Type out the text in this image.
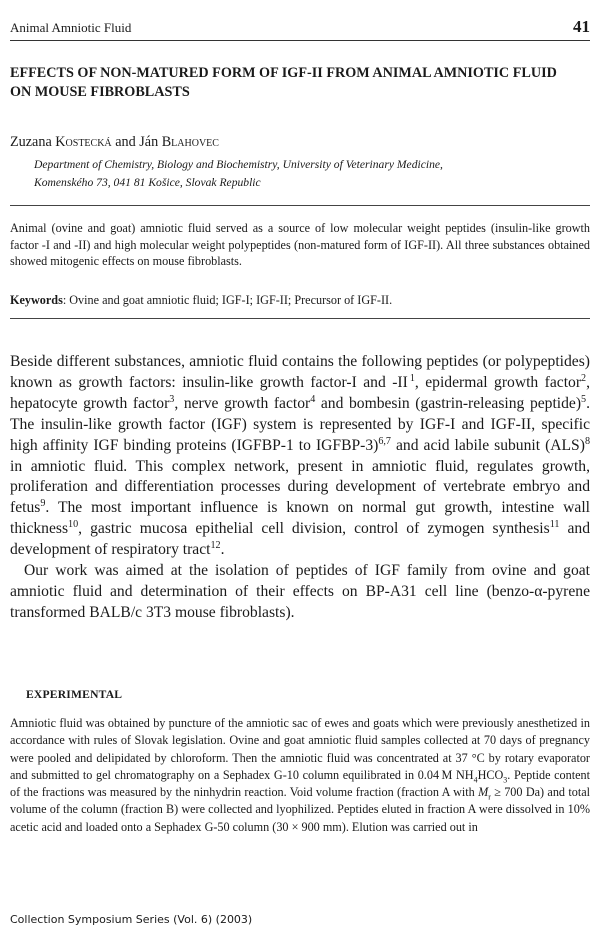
Animal Amniotic Fluid	41
EFFECTS OF NON-MATURED FORM OF IGF-II FROM ANIMAL AMNIOTIC FLUID ON MOUSE FIBROBLASTS
Zuzana Kostecká and Ján Blahovec

Department of Chemistry, Biology and Biochemistry, University of Veterinary Medicine,
Komenského 73, 041 81 Košice, Slovak Republic

Animal (ovine and goat) amniotic fluid served as a source of low molecular weight peptides (insulin-like growth factor -I and -II) and high molecular weight polypeptides (non-matured form of IGF-II). All three substances obtained showed mitogenic effects on mouse fibroblasts.

Keywords: Ovine and goat amniotic fluid; IGF-I; IGF-II; Precursor of IGF-II.

Beside different substances, amniotic fluid contains the following peptides (or polypeptides) known as growth factors: insulin-like growth factor-I and -II  $^1$, epidermal growth factor$^2$, hepatocyte growth factor$^3$, nerve growth factor$^4$ and bombesin (gastrin-releasing peptide)$^5$. The insulin-like growth factor (IGF) system is represented by IGF-I and IGF-II, specific high affinity IGF binding proteins (IGFBP-1 to IGFBP-3)$^{6,7}$ and acid labile subunit (ALS)$^8$ in amniotic fluid. This complex network, present in amniotic fluid, regulates growth, proliferation and differentiation processes during development of vertebrate embryo and fetus$^9$. The most important influence is known on normal gut growth, intestine wall thickness$^{10}$, gastric mucosa epithelial cell division, control of zymogen synthesis$^{11}$ and development of respiratory tract$^{12}$.

Our work was aimed at the isolation of peptides of IGF family from ovine and goat amniotic fluid and determination of their effects on BP-A31 cell line (benzo-α-pyrene transformed BALB/c 3T3 mouse fibroblasts).

EXPERIMENTAL

Amniotic fluid was obtained by puncture of the amniotic sac of ewes and goats which were previously anesthetized in accordance with rules of Slovak legislation. Ovine and goat amniotic fluid samples collected at 70 days of pregnancy were pooled and delipidated by chloroform. Then the amniotic fluid was concentrated at 37 °C by rotary evaporator and submitted to gel chromatography on a Sephadex G-10 column equilibrated in 0.04  M $NH_4HCO_3$. Peptide content of the fractions was measured by the ninhydrin reaction. Void volume fraction (fraction A with $M_r \ge 700$ Da) and total volume of the column (fraction B) were collected and lyophilized. Peptides eluted in fraction A were dissolved in 10% acetic acid and loaded onto a Sephadex G-50 column (30 × 900 mm). Elution was carried out in

Collection Symposium Series (Vol. 6) (2003)
